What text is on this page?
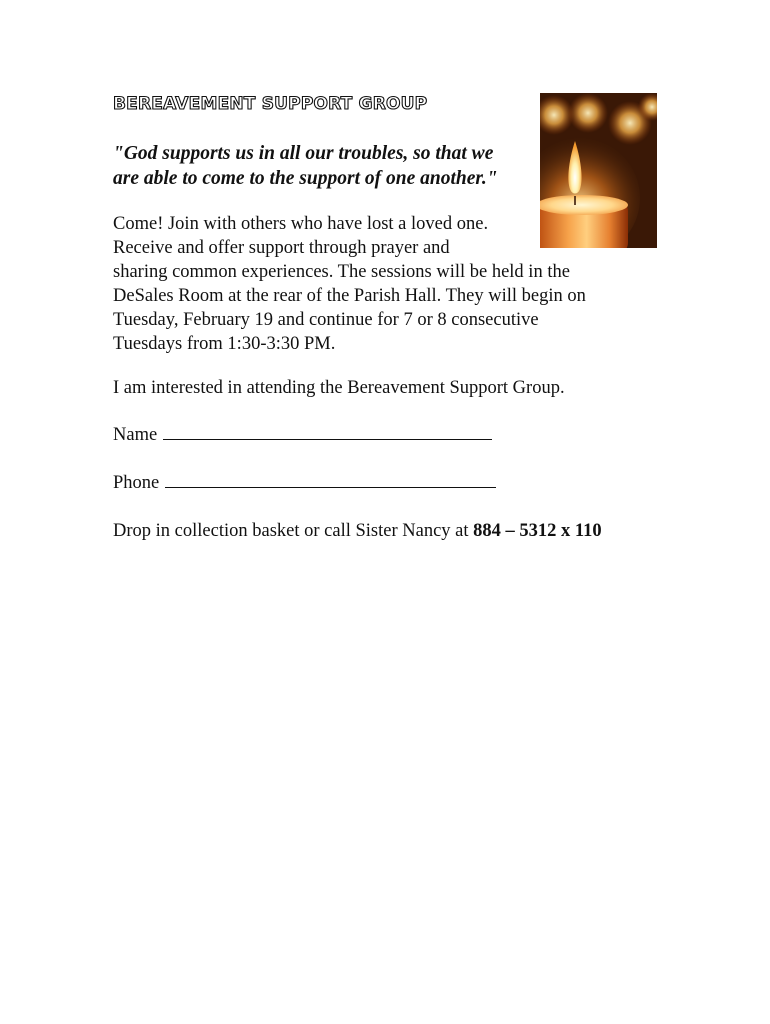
BEREAVEMENT SUPPORT GROUP
"God supports us in all our troubles, so that we
are able to come to the support of one another."
Come! Join with others who have lost a loved one.
Receive and offer support through prayer and
sharing common experiences. The sessions will be held in the
DeSales Room at the rear of the Parish Hall. They will begin on
Tuesday, February 19 and continue for 7 or 8 consecutive
Tuesdays from 1:30-3:30 PM.
I am interested in attending the Bereavement Support Group.
Name
Phone
Drop in collection basket or call Sister Nancy at 884 – 5312 x 110
